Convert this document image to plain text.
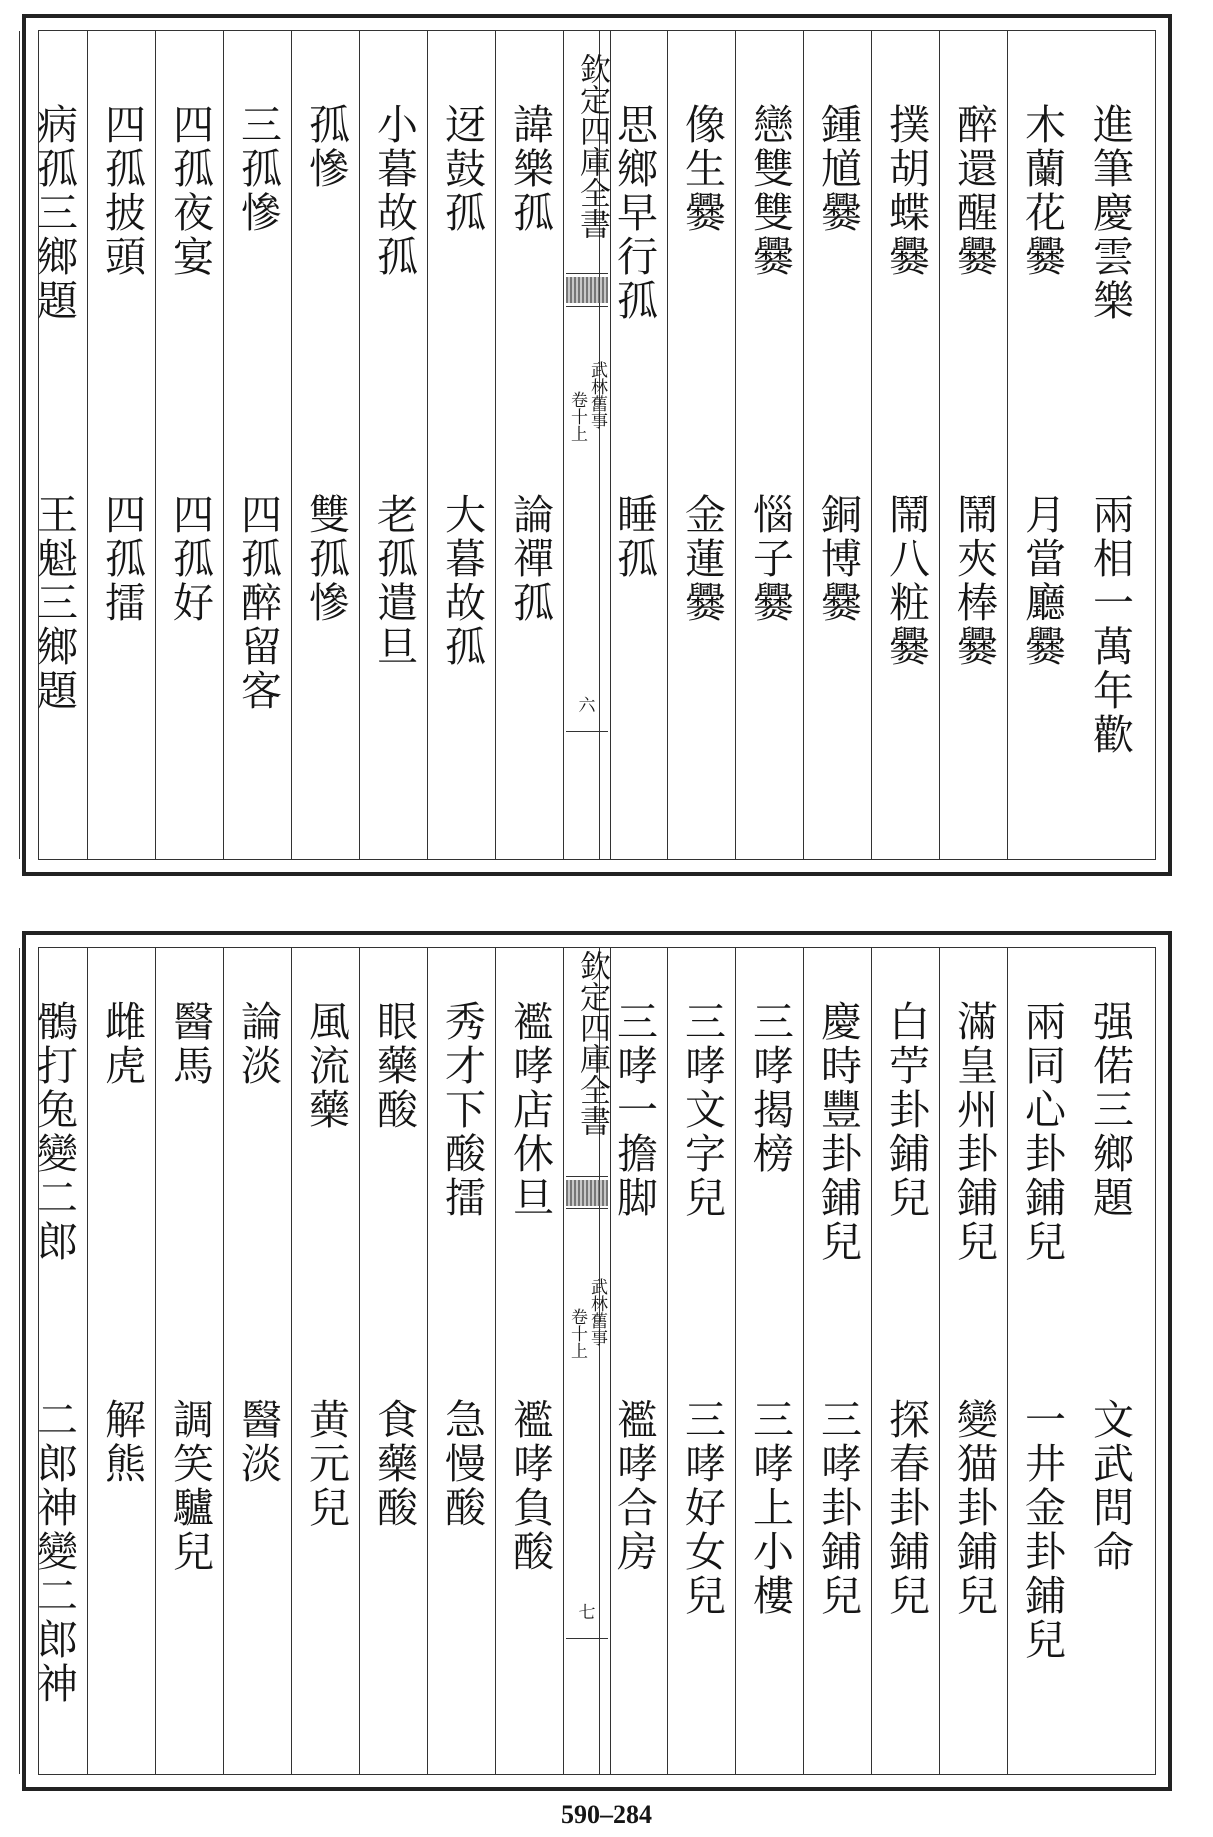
進筆慶雲樂
兩相一萬年歡
木蘭花爨
月當廳爨
醉還醒爨
鬧夾棒爨
撲胡蝶爨
鬧八粧爨
鍾馗爨
銅博爨
戀雙雙爨
惱子爨
像生爨
金蓮爨
思鄉早行孤
睡孤
欽定四庫全書
武林舊事
卷十上
六
諱樂孤
論禪孤
迓鼓孤
大暮故孤
小暮故孤
老孤遣旦
孤慘
雙孤慘
三孤慘
四孤醉留客
四孤夜宴
四孤好
四孤披頭
四孤擂
病孤三鄉題
王魁三鄉題
强偌三鄉題
文武問命
兩同心卦鋪兒
一井金卦鋪兒
滿皇州卦鋪兒
變猫卦鋪兒
白苧卦鋪兒
探春卦鋪兒
慶時豐卦鋪兒
三哮卦鋪兒
三哮揭榜
三哮上小樓
三哮文字兒
三哮好女兒
三哮一擔脚
襤哮合房
欽定四庫全書
武林舊事
卷十上
七
襤哮店休旦
襤哮負酸
秀才下酸擂
急慢酸
眼藥酸
食藥酸
風流藥
黄元兒
論淡
醫淡
醫馬
調笑驢兒
雌虎
解熊
鶻打兔變二郎
二郎神變二郎神
590–284
